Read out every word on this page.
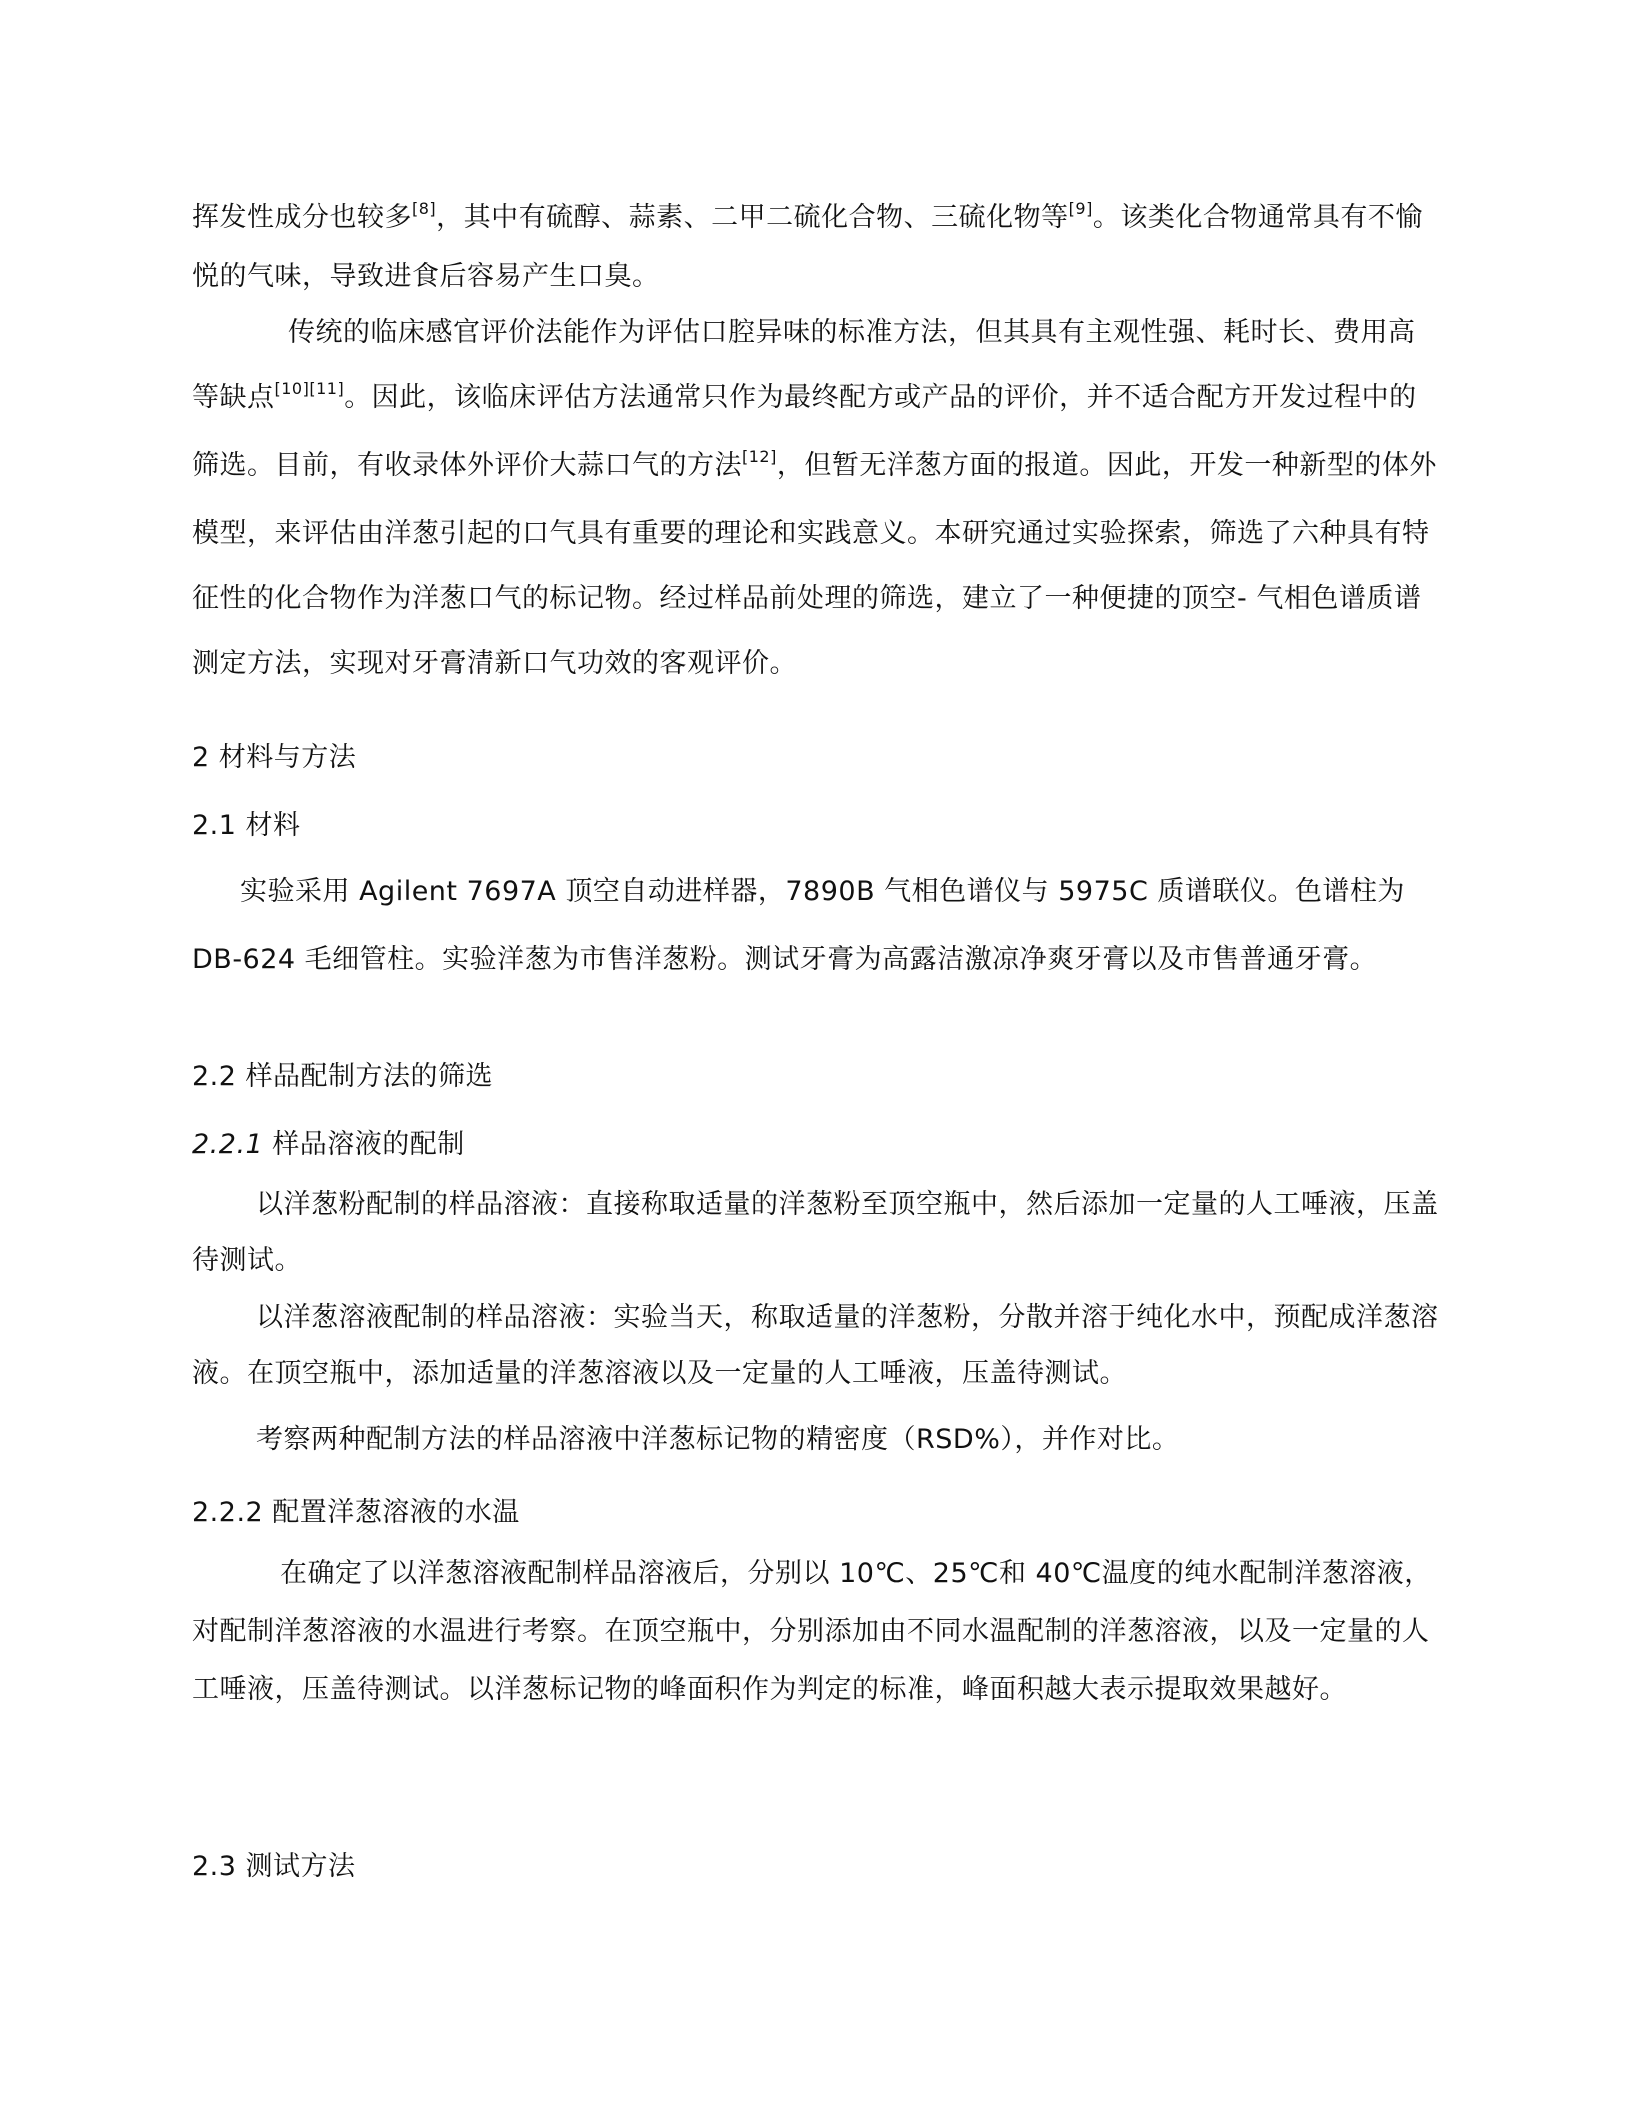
挥发性成分也较多[8]，其中有硫醇、蒜素、二甲二硫化合物、三硫化物等[9]。该类化合物通常具有不愉悦的气味，导致进食后容易产生口臭。

传统的临床感官评价法能作为评估口腔异味的标准方法，但其具有主观性强、耗时长、费用高等缺点[10][11]。因此，该临床评估方法通常只作为最终配方或产品的评价，并不适合配方开发过程中的筛选。目前，有收录体外评价大蒜口气的方法[12]，但暂无洋葱方面的报道。因此，开发一种新型的体外模型，来评估由洋葱引起的口气具有重要的理论和实践意义。本研究通过实验探索，筛选了六种具有特征性的化合物作为洋葱口气的标记物。经过样品前处理的筛选，建立了一种便捷的顶空- 气相色谱质谱测定方法，实现对牙膏清新口气功效的客观评价。

2 材料与方法
2.1 材料

实验采用 Agilent 7697A 顶空自动进样器，7890B 气相色谱仪与 5975C 质谱联仪。色谱柱为 DB-624 毛细管柱。实验洋葱为市售洋葱粉。测试牙膏为高露洁激凉净爽牙膏以及市售普通牙膏。

2.2 样品配制方法的筛选
2.2.1 样品溶液的配制

以洋葱粉配制的样品溶液：直接称取适量的洋葱粉至顶空瓶中，然后添加一定量的人工唾液，压盖待测试。

以洋葱溶液配制的样品溶液：实验当天，称取适量的洋葱粉，分散并溶于纯化水中，预配成洋葱溶液。在顶空瓶中，添加适量的洋葱溶液以及一定量的人工唾液，压盖待测试。

考察两种配制方法的样品溶液中洋葱标记物的精密度（RSD%），并作对比。

2.2.2 配置洋葱溶液的水温

在确定了以洋葱溶液配制样品溶液后，分别以 10℃、25℃和 40℃温度的纯水配制洋葱溶液，对配制洋葱溶液的水温进行考察。在顶空瓶中，分别添加由不同水温配制的洋葱溶液，以及一定量的人工唾液，压盖待测试。以洋葱标记物的峰面积作为判定的标准，峰面积越大表示提取效果越好。

2.3 测试方法
